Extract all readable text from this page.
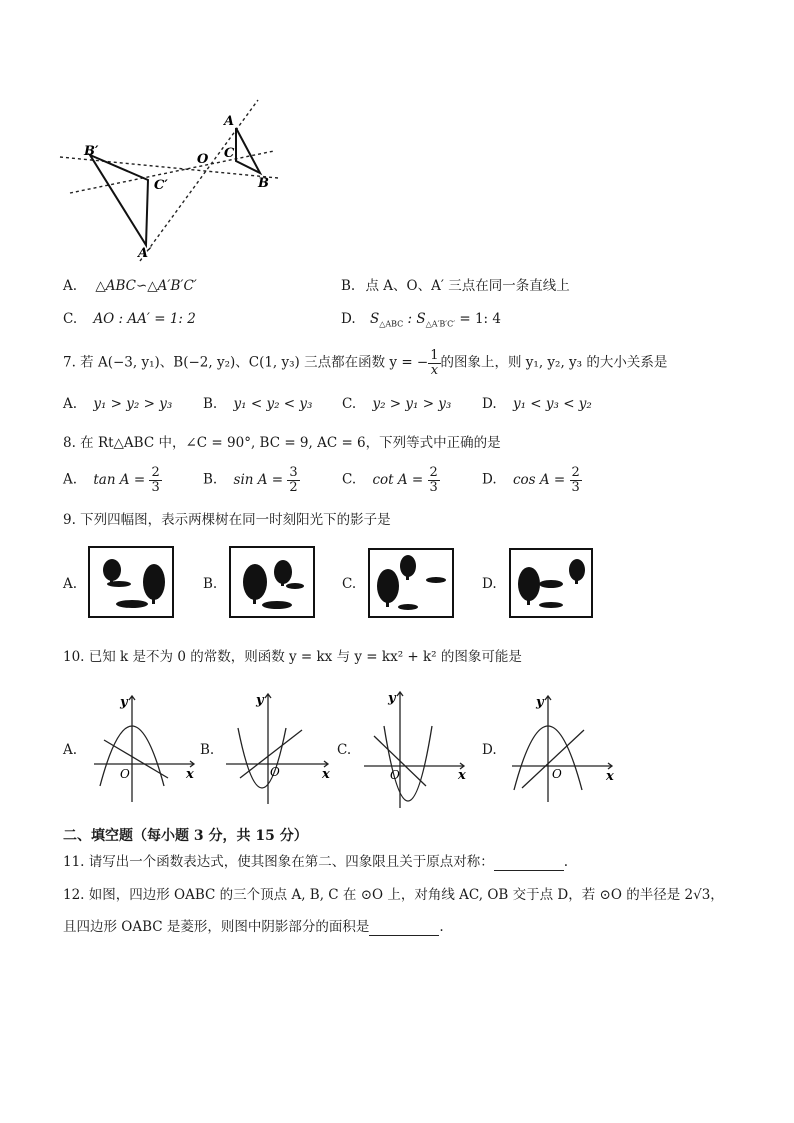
B′
C′
A′
O
A
C
B
A. △ABC∽△A′B′C′	B. 点 A、O、A′ 三点在同一条直线上
C. AO : AA′ = 1: 2	D. $S_{\triangle ABC}$ : $S_{\triangle A'B'C'} = 1$: 4
7. 若 A(−3, y₁)、B(−2, y₂)、C(1, y₃) 三点都在函数 y = − $\frac{1}{x}$ 的图象上，则 y₁, y₂, y₃ 的大小关系是
A. y₁ > y₂ > y₃ B. y₁ < y₂ < y₃ C. y₂ > y₁ > y₃ D. y₁ < y₃ < y₂
8. 在 Rt△ABC 中，∠C = 90°, BC = 9, AC = 6，下列等式中正确的是
A. $\tan A = \frac{2}{3}$	B. $\sin A = \frac{3}{2}$	C. $\cot A = \frac{2}{3}$	D. $\cos A = \frac{2}{3}$
9. 下列四幅图，表示两棵树在同一时刻阳光下的影子是
A.	B.	C.	D.
10. 已知 k 是不为 0 的常数，则函数 y = kx 与 y = kx² + k² 的图象可能是
A.
y
O	x
B.
y
O	x
C.
y
O	x
D.
y
O	x
二、填空题（每小题 3 分，共 15 分）
11. 请写出一个函数表达式，使其图象在第二、四象限且关于原点对称：	.
12. 如图，四边形 OABC 的三个顶点 A, B, C 在 ⊙O 上，对角线 AC, OB 交于点 D，若 ⊙O 的半径是 2√3，
且四边形 OABC 是菱形，则图中阴影部分的面积是	.
